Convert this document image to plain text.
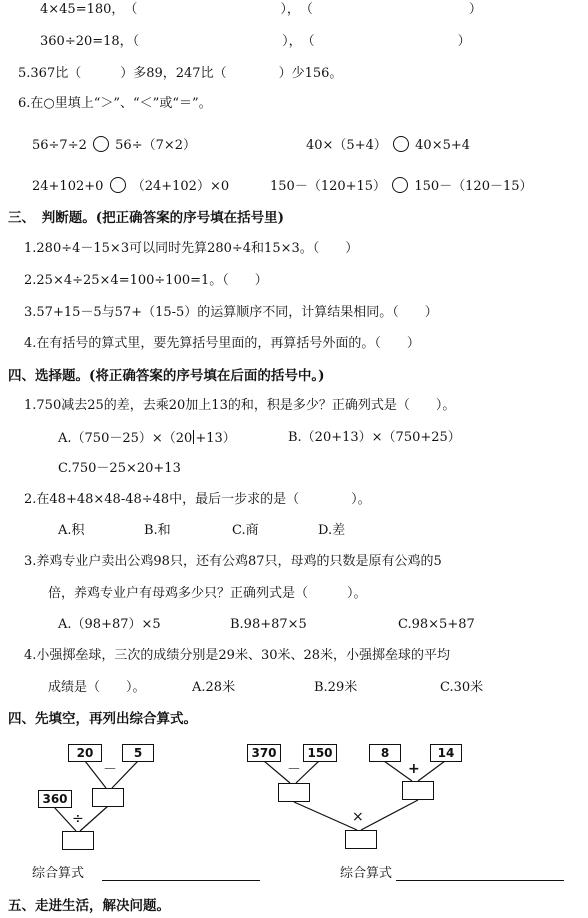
4×45=180，　（　　　　　　　　　　　），　（　　　　　　　　　　　　）
360÷20=18，（　　　　　　　　　　　），　（　　　　　　　　　　　）
5.367比（　　　）多89，247比（　　　　）少156。
6.在○里填上“＞”、“＜”或“＝”。
56÷7÷2 56÷（7×2）	40×（5+4） 40×5+4
24+102+0 （24+102）×0	150－（120+15） 150－（120－15）
三、　判断题。(把正确答案的序号填在括号里)
1.280÷4－15×3可以同时先算280÷4和15×3。（　　）
2.25×4÷25×4=100÷100=1。（　　）
3.57+15－5与57+（15-5）的运算顺序不同，计算结果相同。（　　）
4.在有括号的算式里，要先算括号里面的，再算括号外面的。（　　）
四、选择题。(将正确答案的序号填在后面的括号中。)
1.750减去25的差，去乘20加上13的和，积是多少？正确列式是（　　）。
A.（750－25）×（20 +13）	B.（20+13）×（750+25）
C.750－25×20+13
2.在48+48×48-48÷48中，最后一步求的是（　　　　）。
A.积	B.和	C.商	D.差
3.养鸡专业户卖出公鸡98只，还有公鸡87只，母鸡的只数是原有公鸡的5
倍，养鸡专业户有母鸡多少只？正确列式是（　　　）。
A.（98+87）×5	B.98+87×5	C.98×5+87
4.小强掷垒球，三次的成绩分别是29米、30米、28米，小强掷垒球的平均
成绩是（　　）。	A.28米	B.29米	C.30米
四、先填空，再列出综合算式。
20	5
－
360
÷
370	150	8	14
－	+
×
综合算式	综合算式
五、走进生活，解决问题。
